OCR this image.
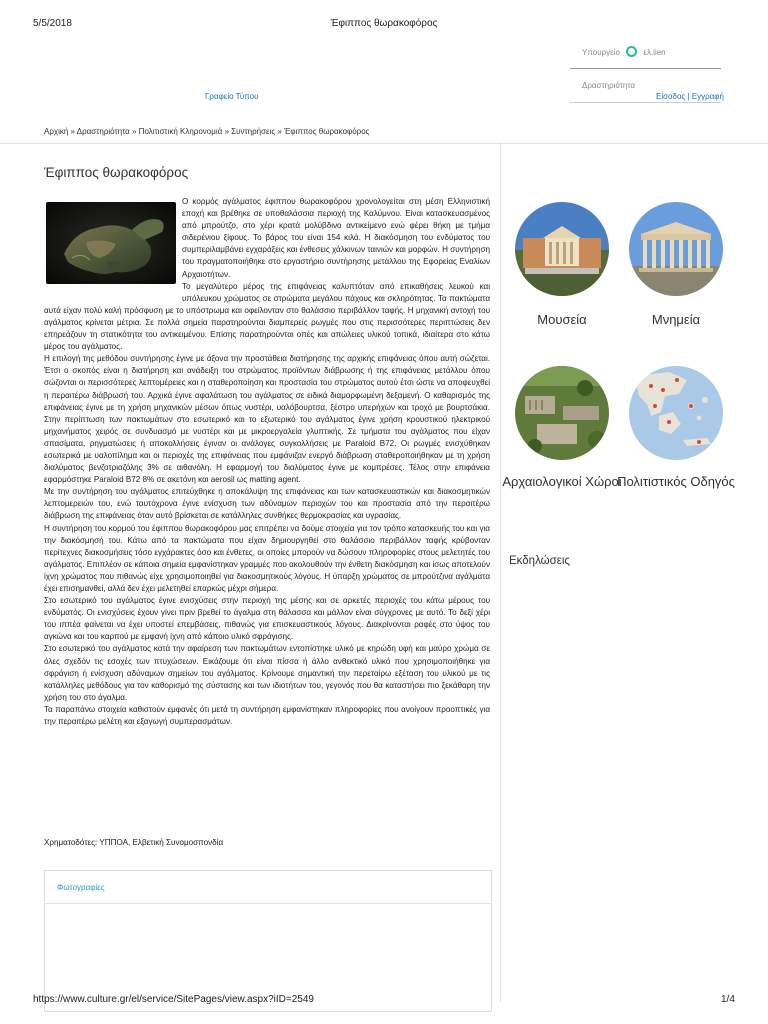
5/5/2018	Έφιππος θωρακοφόρος
Υπουργείο	ελ.lien
Δραστηριότητα
Γραφείο Τύπου	Είσοδος | Εγγραφή
Αρχική » Δραστηριότητα » Πολιτιστική Κληρονομιά » Συντηρήσεις » Έφιππος θωρακοφόρος
Έφιππος θωρακοφόρος

Ο κορμός αγάλματος έφιππου θωρακοφόρου χρονολογείται στη μέση Ελληνιστική εποχή και βρέθηκε σε υποθαλάσσια περιοχή της Καλύμνου. Είναι κατασκευασμένος από μπρούτζο, στο χέρι κρατά μολύβδινο αντικείμενο ενώ φέρει θήκη με τμήμα σιδερένιου ξίφους. Το βάρος του είναι 154 κιλά. Η διακόσμηση του ενδύματος του συμπεριλαμβάνει εγχαράξεις και ένθεσεις χάλκινων ταινιών και μορφών. Η συντήρηση του πραγματοποιήθηκε στο εργαστήριο συντήρησης μετάλλου της Εφορείας Εναλίων Αρχαιοτήτων.

Το μεγαλύτερο μέρος της επιφάνειας καλυπτόταν από επικαθήσεις λευκού και υπόλευκου χρώματος σε στρώματα μεγάλου πάχους και σκληρότητας. Τα πακτώματα αυτά είχαν πολύ καλή πρόσφυση με το υπόστρωμα και οφείλονταν στο θαλάσσιο περιβάλλον ταφής. Η μηχανική αντοχή του αγάλματος κρίνεται μέτρια. Σε πολλά σημεία παρατηρούνται διαμπερείς ρωγμές που στις περισσότερες περιπτώσεις δεν επηρεάζουν τη στατικότητα του αντικειμένου. Επίσης παρατηρούνται οπές και απώλειες υλικού τοπικά, ιδιαίτερα στο κάτω μέρος του αγάλματος.

Η επιλογή της μεθόδου συντήρησης έγινε με άξονα την προστάθεια διατήρησης της αρχικής επιφάνειας όπου αυτή σώζεται. Έτσι ο σκοπός είναι η διατήρηση και ανάδειξη του στρώματος προϊόντων διάβρωσης ή της επιφάνειας μετάλλου όπου σώζονται οι περισσότερες λεπτομέρειες και η σταθεροποίηση και προστασία του στρώματος αυτού έτσι ώστε να αποφευχθεί η περαιτέρω διάβρωσή του. Αρχικά έγινε αφαλάτωση του αγάλματος σε ειδικά διαμορφωμένη δεξαμενή. Ο καθαρισμός της επιφάνειας έγινε με τη χρήση μηχανικών μέσων όπως νυστέρι, υαλόβουρτσα, ξέστρο υπερήχων και τροχό με βουρτσάκια. Στην περίπτωση των πακτωμάτων στο εσωτερικό και το εξωτερικό του αγάλματος έγινε χρήση κρουστικού ηλεκτρικού μηχανήματος χειρός σε συνδυασμό με νυστέρι και με μικροεργαλεία γλυπτικής. Σε τμήματα του αγάλματος που είχαν σπασίματα, ρηγματώσεις ή αποκολλήσεις έγιναν οι ανάλογες συγκολλήσεις με Paraloid B72. Οι ρωγμές ενισχύθηκαν εσωτερικά με υαλοπίλημα και οι περιοχές της επιφάνειας που εμφάνιζαν ενεργό διάβρωση σταθεροποιήθηκαν με τη χρήση διαλύματος βενζοτριαζόλης 3% σε αιθανόλη. Η εφαρμογή του διαλύματος έγινε με κομπρέσες. Τέλος στην επιφάνεια εφαρμόστηκε Paraloid B72 8% σε ακετόνη και aerosil ως matting agent.

Με την συντήρηση του αγάλματος επιτεύχθηκε η αποκάλυψη της επιφάνειας και των κατασκευαστικών και διακοσμητικών λεπτομερειών του, ενώ ταυτόχρονα έγινε ενίσχυση των αδύναμων περιοχών του και προστασία από την περαιτέρω διάβρωση της επιφάνειας όταν αυτό βρίσκεται σε κατάλληλες συνθήκες θερμοκρασίας και υγρασίας.

Η συντήρηση του κορμού του έφιππου θωρακοφόρου μας επιτρέπει να δούμε στοιχεία για τον τρόπο κατασκευής του και για την διακόσμησή του. Κάτω από τα πακτώματα που είχαν δημιουργηθεί στο θαλάσσιο περιβάλλον ταφής κρύβονταν περίτεχνες διακοσμήσεις τόσο εγχάρακτες όσο και ένθετες, οι οποίες μπορούν να δώσουν πληροφορίες στους μελετητές του αγάλματος. Επιπλέον σε κάποια σημεία εμφανίστηκαν γραμμές που ακολουθούν την ένθετη διακόσμηση και ίσως αποτελούν ίχνη χρώματος που πιθανώς είχε χρησιμοποιηθεί για διακοσμητικούς λόγους. Η ύπαρξη χρώματος σε μπρούτζινα αγάλματα έχει επισημανθεί, αλλά δεν έχει μελετηθεί επαρκώς μέχρι σήμερα.

Στο εσωτερικό του αγάλματος έγινε ενισχύσεις στην περιοχή της μέσης και σε αρκετές περιοχές του κάτω μέρους του ενδύματός. Οι ενισχύσεις έχουν γίνει πριν βρεθεί το άγαλμα στη θάλασσα και μάλλον είναι σύγχρονες με αυτό. Το δεξί χέρι του ιππέα φαίνεται να έχει υποστεί επεμβάσεις, πιθανώς για επισκευαστικούς λόγους. Διακρίνονται ραφές στο ύψος του αγκώνα και του καρπού με εμφανή ίχνη από κάποιο υλικό σφράγισης.

Στο εσωτερικό του αγάλματος κατά την αφαίρεση των πακτωμάτων εντοπίστηκε υλικό με κηρώδη υφή και μαύρο χρώμα σε όλες σχεδόν τις εσοχές των πτυχώσεων. Εικάζουμε ότι είναι πίσσα ή άλλο ανθεκτικό υλικό που χρησιμοποιήθηκε για σφράγιση ή ενίσχυση αδύναμων σημείων του αγάλματος. Κρίνουμε σημαντική την περεταίρω εξέταση του υλικού με τις κατάλληλες μεθόδους για τον καθορισμό της σύστασης και των ιδιοτήτων του, γεγονός που θα καταστήσει πιο ξεκάθαρη την χρήση του στο άγαλμα.

Τα παραπάνω στοιχεία καθιστούν εμφανές ότι μετά τη συντήρηση εμφανίστηκαν πληροφορίες που ανοίγουν προοπτικές για την περαιτέρω μελέτη και εξαγωγή συμπερασμάτων.

Χρηματοδότες: ΥΠΠΟΑ, Ελβετική Συνομοσπονδία
Φωτογραφίες
Μουσεία	Μνημεία
Αρχαιολογικοί Χώροι
Πολιτιστικός Οδηγός
Εκδηλώσεις
https://www.culture.gr/el/service/SitePages/view.aspx?iID=2549	1/4
